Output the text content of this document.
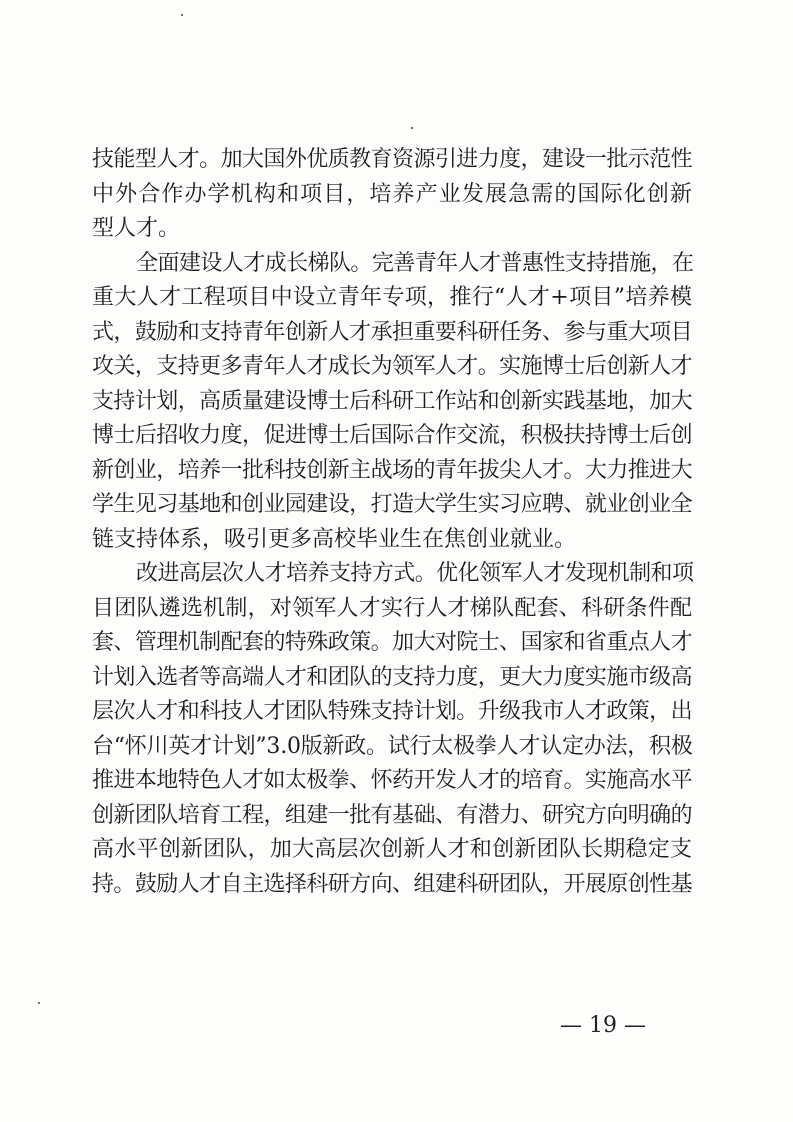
技能型人才。加大国外优质教育资源引进力度，建设一批示范性
中外合作办学机构和项目，培养产业发展急需的国际化创新
型人才。
全面建设人才成长梯队。完善青年人才普惠性支持措施，在
重大人才工程项目中设立青年专项，推行“人才+项目”培养模
式，鼓励和支持青年创新人才承担重要科研任务、参与重大项目
攻关，支持更多青年人才成长为领军人才。实施博士后创新人才
支持计划，高质量建设博士后科研工作站和创新实践基地，加大
博士后招收力度，促进博士后国际合作交流，积极扶持博士后创
新创业，培养一批科技创新主战场的青年拔尖人才。大力推进大
学生见习基地和创业园建设，打造大学生实习应聘、就业创业全
链支持体系，吸引更多高校毕业生在焦创业就业。
改进高层次人才培养支持方式。优化领军人才发现机制和项
目团队遴选机制，对领军人才实行人才梯队配套、科研条件配
套、管理机制配套的特殊政策。加大对院士、国家和省重点人才
计划入选者等高端人才和团队的支持力度，更大力度实施市级高
层次人才和科技人才团队特殊支持计划。升级我市人才政策，出
台“怀川英才计划”3.0版新政。试行太极拳人才认定办法，积极
推进本地特色人才如太极拳、怀药开发人才的培育。实施高水平
创新团队培育工程，组建一批有基础、有潜力、研究方向明确的
高水平创新团队，加大高层次创新人才和创新团队长期稳定支
持。鼓励人才自主选择科研方向、组建科研团队，开展原创性基
— 19 —
